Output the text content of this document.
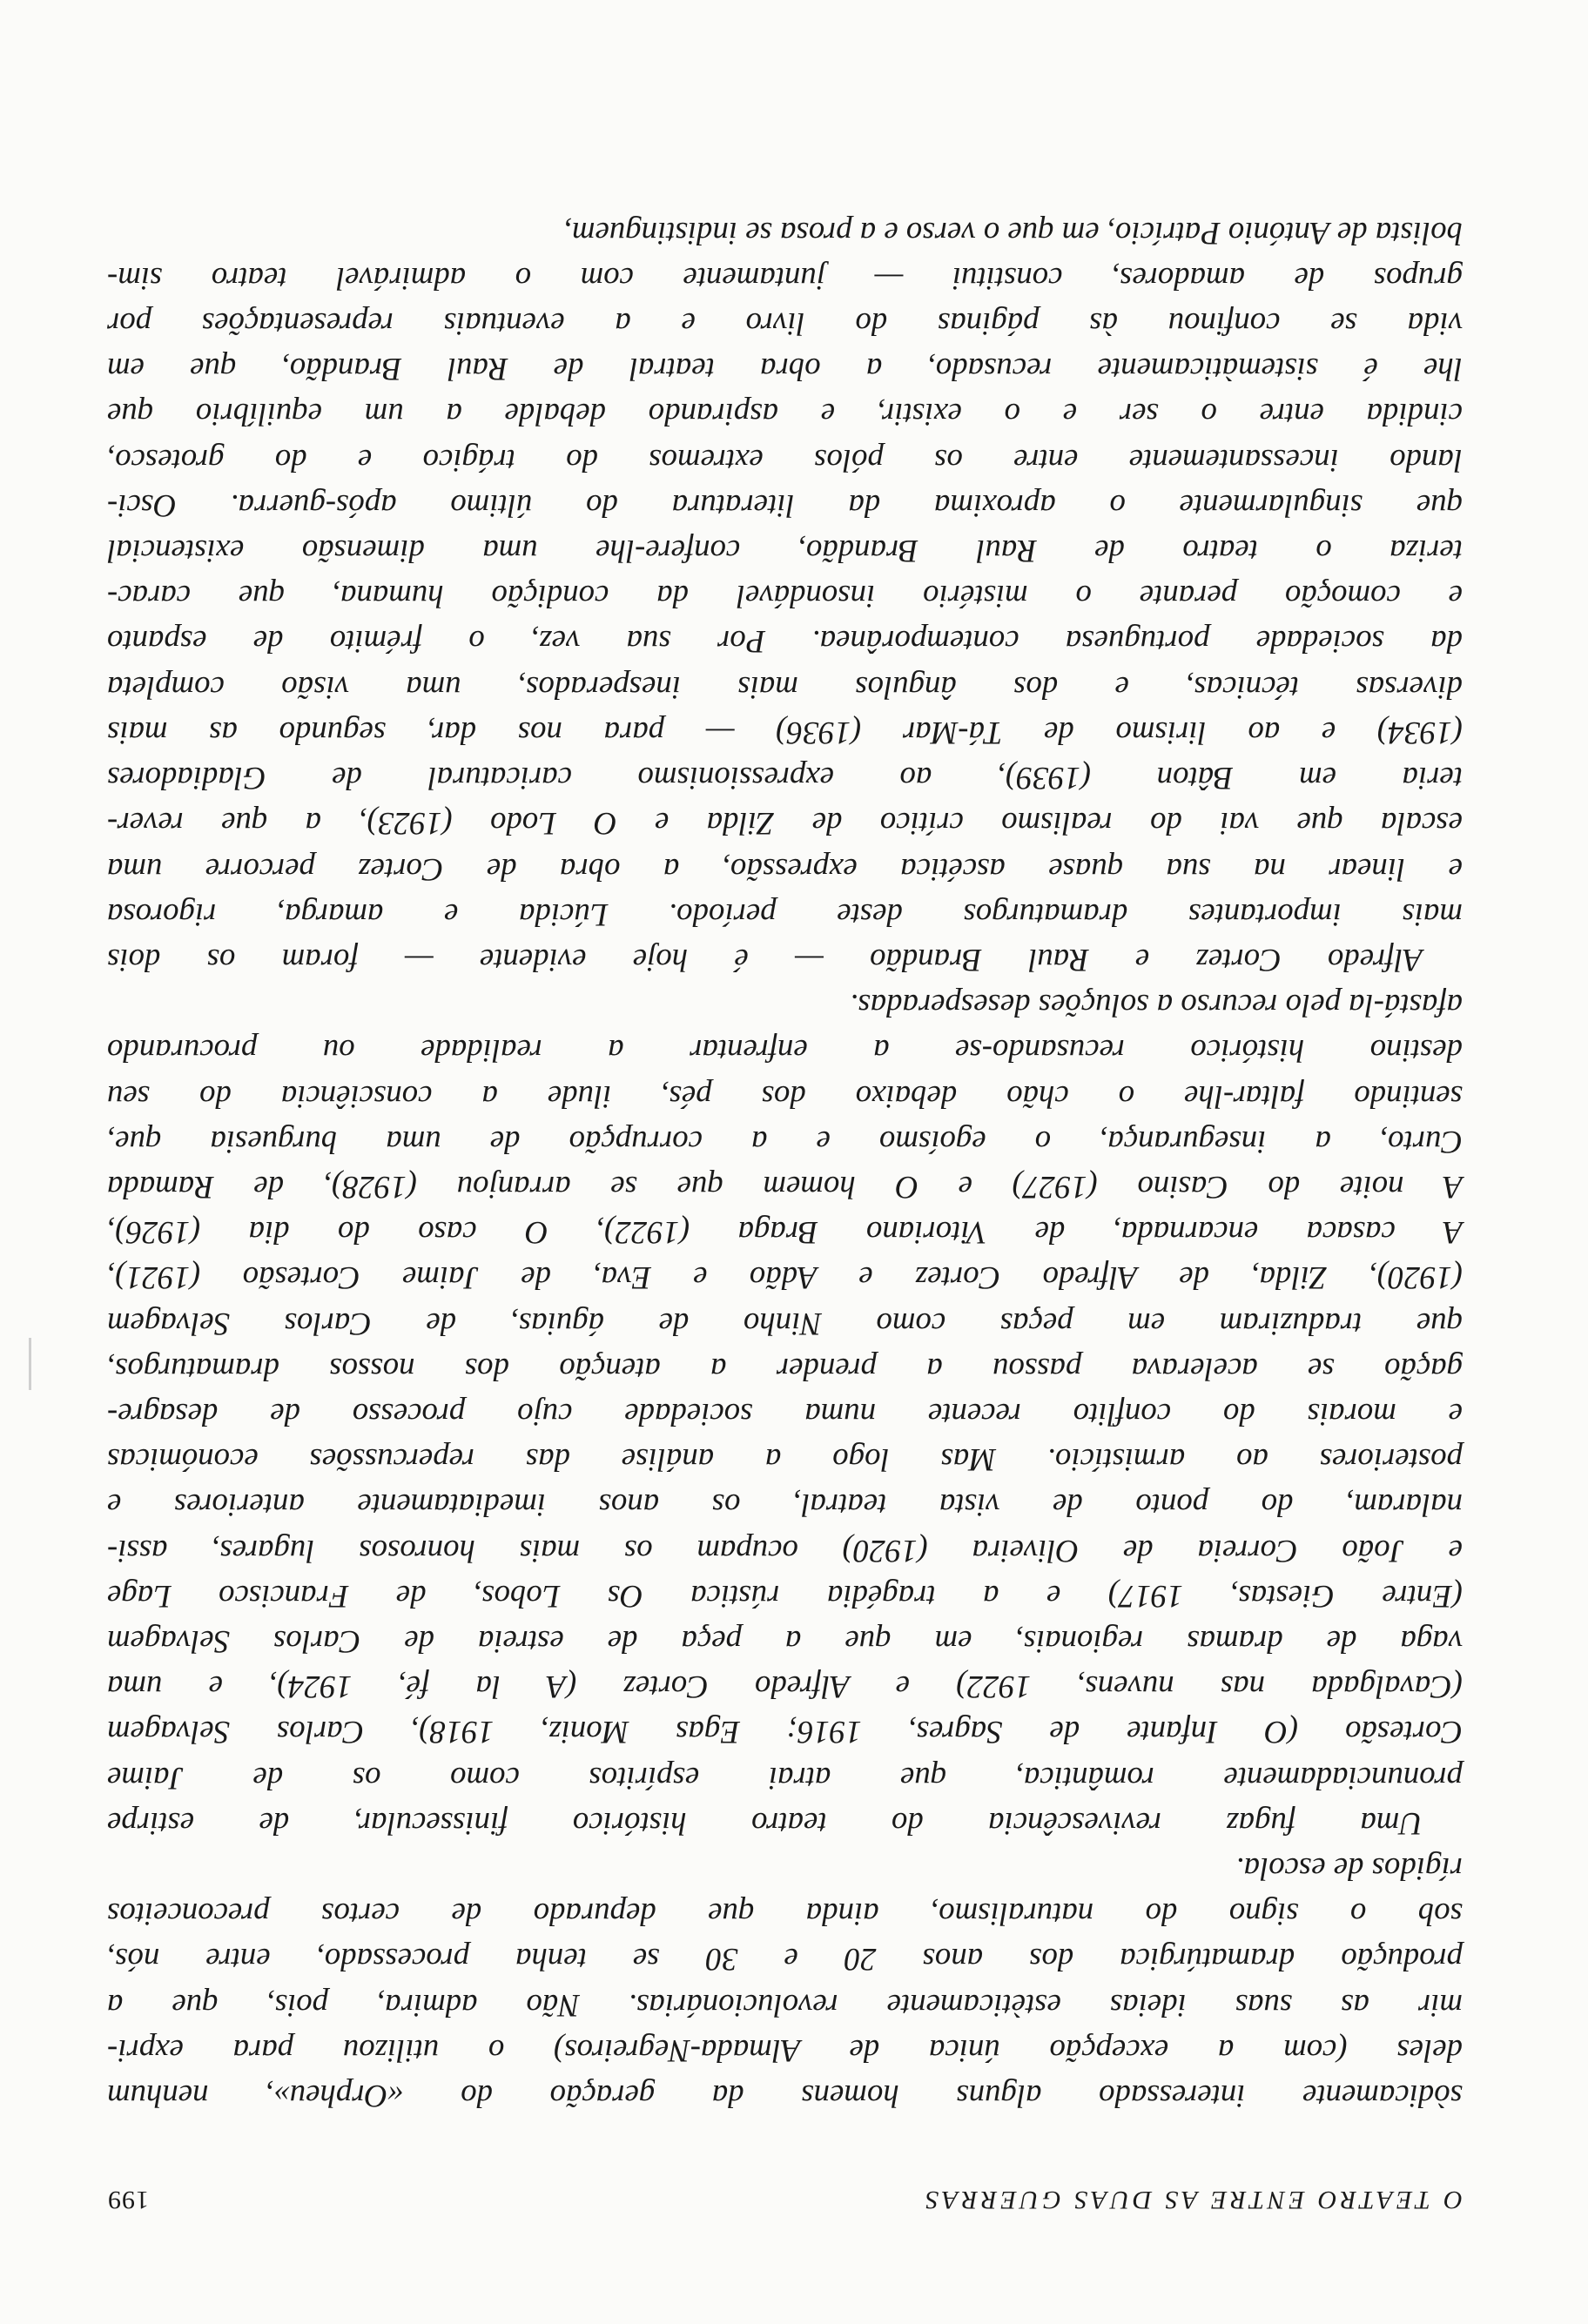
O TEATRO ENTRE AS DUAS GUERRAS
199
sòdicamente interessado alguns homens da geração do «Orpheu», nenhum
deles (com a excepção única de Almada-Negreiros) o utilizou para expri-
mir as suas ideias estèticamente revolucionárias. Não admira, pois, que a
produção dramatúrgica dos anos 20 e 30 se tenha processado, entre nós,
sob o signo do naturalismo, ainda que depurado de certos preconceitos
rígidos de escola.
Uma fugaz revivescência do teatro histórico finissecular, de estirpe
pronunciadamente romântica, que atrai espíritos como os de Jaime
Cortesão (O Infante de Sagres, 1916; Egas Moniz, 1918), Carlos Selvagem
(Cavalgada nas nuvens, 1922) e Alfredo Cortez (A la fé, 1924), e uma
vaga de dramas regionais, em que a peça de estreia de Carlos Selvagem
(Entre Giestas, 1917) e a tragédia rústica Os Lobos, de Francisco Lage
e João Correia de Oliveira (1920) ocupam os mais honrosos lugares, assi-
nalaram, do ponto de vista teatral, os anos imediatamente anteriores e
posteriores ao armistício. Mas logo a análise das repercussões económicas
e morais do conflito recente numa sociedade cujo processo de desagre-
gação se acelerava passou a prender a atenção dos nossos dramaturgos,
que traduziram em peças como Ninho de águias, de Carlos Selvagem
(1920), Zilda, de Alfredo Cortez e Adão e Eva, de Jaime Cortesão (1921),
A casaca encarnada, de Vitoriano Braga (1922), O caso do dia (1926),
A noite do Casino (1927) e O homem que se arranjou (1928), de Ramada
Curto, a insegurança, o egoísmo e a corrupção de uma burguesia que,
sentindo faltar-lhe o chão debaixo dos pés, ilude a consciência do seu
destino histórico recusando-se a enfrentar a realidade ou procurando
afastá-la pelo recurso a soluções desesperadas.
Alfredo Cortez e Raul Brandão — é hoje evidente — foram os dois
mais importantes dramaturgos deste período. Lúcida e amarga, rigorosa
e linear na sua quase ascética expressão, a obra de Cortez percorre uma
escala que vai do realismo crítico de Zilda e O Lodo (1923), a que rever-
teria em Bâton (1939), ao expressionismo caricatural de Gladiadores
(1934) e ao lirismo de Tá-Mar (1936) — para nos dar, segundo as mais
diversas técnicas, e dos ângulos mais inesperados, uma visão completa
da sociedade portuguesa contemporânea. Por sua vez, o frémito de espanto
e comoção perante o mistério insondável da condição humana, que carac-
teriza o teatro de Raul Brandão, confere-lhe uma dimensão existencial
que singularmente o aproxima da literatura do último após-guerra. Osci-
lando incessantemente entre os pólos extremos do trágico e do grotesco,
cindida entre o ser e o existir, e aspirando debalde a um equilíbrio que
lhe é sistemàticamente recusado, a obra teatral de Raul Brandão, que em
vida se confinou às páginas do livro e a eventuais representações por
grupos de amadores, constitui — juntamente com o admirável teatro sim-
bolista de António Patrício, em que o verso e a prosa se indistinguem,
